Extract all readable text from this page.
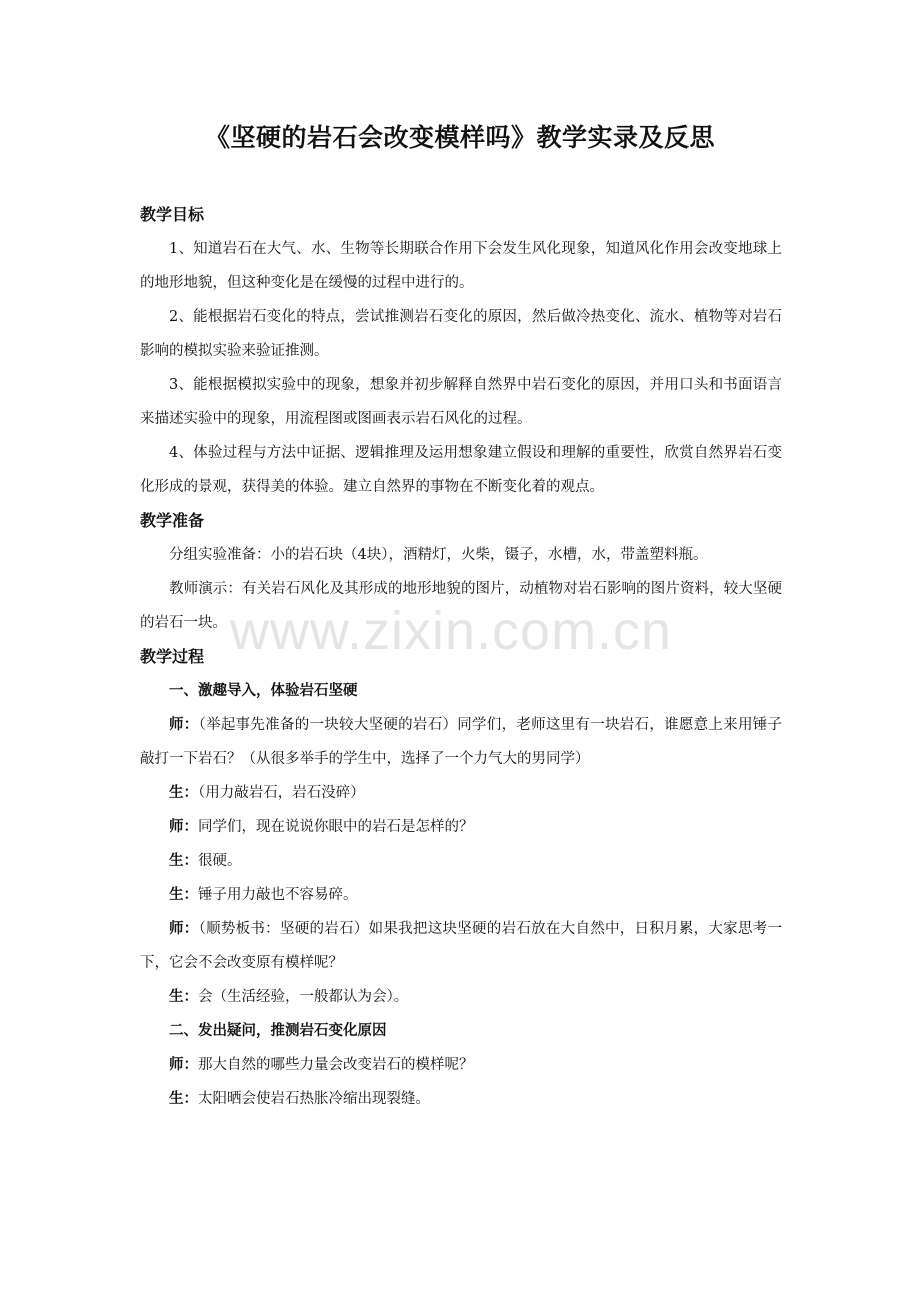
《坚硬的岩石会改变模样吗》教学实录及反思
教学目标

1、知道岩石在大气、水、生物等长期联合作用下会发生风化现象，知道风化作用会改变地球上的地形地貌，但这种变化是在缓慢的过程中进行的。

2、能根据岩石变化的特点，尝试推测岩石变化的原因，然后做冷热变化、流水、植物等对岩石影响的模拟实验来验证推测。

3、能根据模拟实验中的现象，想象并初步解释自然界中岩石变化的原因，并用口头和书面语言来描述实验中的现象，用流程图或图画表示岩石风化的过程。

4、体验过程与方法中证据、逻辑推理及运用想象建立假设和理解的重要性，欣赏自然界岩石变化形成的景观，获得美的体验。建立自然界的事物在不断变化着的观点。

教学准备

分组实验准备：小的岩石块（4块），酒精灯，火柴，镊子，水槽，水，带盖塑料瓶。

教师演示：有关岩石风化及其形成的地形地貌的图片，动植物对岩石影响的图片资料，较大坚硬的岩石一块。

教学过程
一、激趣导入，体验岩石坚硬

师：（举起事先准备的一块较大坚硬的岩石）同学们，老师这里有一块岩石，谁愿意上来用锤子敲打一下岩石？（从很多举手的学生中，选择了一个力气大的男同学）

生：（用力敲岩石，岩石没碎）

师：同学们，现在说说你眼中的岩石是怎样的？

生：很硬。

生：锤子用力敲也不容易碎。

师：（顺势板书：坚硬的岩石）如果我把这块坚硬的岩石放在大自然中，日积月累，大家思考一下，它会不会改变原有模样呢？

生：会（生活经验，一般都认为会）。

二、发出疑问，推测岩石变化原因

师：那大自然的哪些力量会改变岩石的模样呢？

生：太阳晒会使岩石热胀冷缩出现裂缝。

www.zixin.com.cn
